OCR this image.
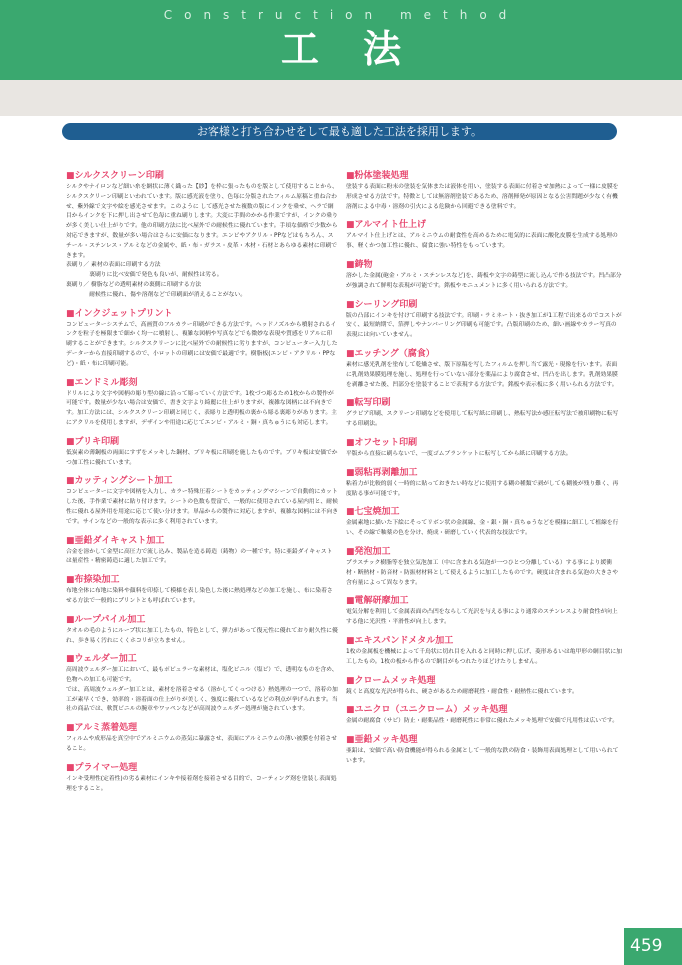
Construction method
工法
お客様と打ち合わせをして最も適した工法を採用します。
■シルクスクリーン印刷

シルクやナイロンなど細い糸を網状に薄く織った【紗】を枠に張ったものを版として使用することから、シルクスクリーン印刷といわれています。版に感光液を塗り、色毎に分版されたフィルム原稿と重ね合わせ、紫外線で文字や絵を感光させます。このように して感光させた複数の版にインクを乗せ、ヘラで網目からインクを下に押し出させて色毎に重ね刷りします。大変に手間のかかる作業ですが、インクの乗りが多く美しい仕上がりです。他の印刷方法に比べ屋外での耐候性に優れています。手頃な価格で少数から対応できますが、数量が多い場合はさらに安価になります。エンビやアクリル・PPなどはもちろん、スチール・ステンレス・アルミなどの金属や、紙・布・ガラス・皮革・木材・石材とあらゆる素材に印刷できます。
表刷り／ 素材の表面に印刷する方法
　　　　裏刷りに比べ安価で発色も良いが、耐候性は劣る。
裏刷り／ 樹脂などの透明素材の裏側に印刷する方法
　　　　耐候性に優れ、傷や溶剤などで印刷面が消えることがない。

■インクジェットプリント

コンピューターシステムで、高画質のフルカラー印刷ができる方法です。ヘッドノズルから噴射されるインクを粒子を極限まで細かく均一に噴射し、複雑な図柄や写真などでも微妙な表現や質感をリアルに印刷することができます。シルクスクリーンに比べ屋外での耐候性に劣りますが、コンピューター入力したデーターから直接印刷するので、小ロットの印刷には安価で最適です。樹脂板(エンビ・アクリル・PPなど)・紙・布に印刷可能。

■エンドミル彫刻

ドリルにより文字や図柄の彫り型の線に沿って彫っていく方法です。1枚づつ彫るため1枚からの製作が可能です。数量が少ない場合は安価で、書き文字より綺麗に仕上がりますが、複雑な図柄には不向きです。加工方法には、シルクスクリーン印刷と同じく、表彫りと透明板の裏から彫る裏彫りがあります。主にアクリルを使用しますが、デザインや用途に応じてエンビ・アルミ・銅・真ちゅうにも対応します。

■ブリキ印刷

低炭素の薄鋼板の両面にすずをメッキした鋼材、ブリキ板に印刷を施したものです。ブリキ板は安価でかつ加工性に優れています。

■カッティングシート加工

コンピューターに文字や図柄を入力し、カラー特殊圧着シートをカッティングマシーンで自動的にカットした後、手作業で素材に貼り付けます。シートの色数も豊富で、一般的に使用されている屋内用と、耐候性に優れる屋外用を用途に応じて使い分けます。単品からの製作に対応しますが、複雑な図柄には不向きです。サインなどの一般的な表示に多く利用されています。

■亜鉛ダイキャスト加工

合金を溶かして金型に高圧力で流し込み、製品を造る鋳造（鋳物）の一種です。特に亜鉛ダイキャストは量産性・精密鋳造に適した加工です。

■布捺染加工

布地全体に布地に染料や顔料を印捺して模様を表し染色した後に熱処理などの加工を施し、布に染着させる方法で一般的にプリントとも呼ばれています。

■ループパイル加工

タオルの毛のようにループ状に加工したもの、特色として、弾力があって復元性に優れており耐久性に優れ、歩き易く汚れにくくホコリが立ちません。

■ウェルダー加工

高周波ウェルダー加工において、最もポピュラーな素材は、塩化ビニル（塩ビ）で、透明なものを含め、色物への加工も可能です。
では、高周波ウェルダー加工とは、素材を溶着させる（溶かしてくっつける）熱処理の一つで、溶着の加工が素早くでき、効率的・溶着面の仕上がりが美しく、強度に優れているなどの利点が挙げられます。当社の商品では、軟質ビニルの腕章やワッペンなどが高周波ウェルダー処理が施されています。

■アルミ蒸着処理

フィルムや成形品を真空中でアルミニウムの蒸気に暴露させ、表面にアルミニウムの薄い被膜を付着させること。

■プライマー処理

インキ受理性(定着性)の劣る素材にインキや接着剤を接着させる目的で、コーティング剤を塗装し表面処理をすること。

■粉体塗装処理

塗装する表面に粉末の塗装を気体または液体を用い、塗装する表面に付着させ加熱によって一様に皮膜を形成させる方法です。特徴としては無溶剤塗装であるため、溶剤揮発が原因となる公害問題が少なく有機溶剤による中毒・溶剤の引火による危険から回避できる塗料です。

■アルマイト仕上げ

アルマイト仕上げとは、アルミニウムの耐食性を高めるために電気的に表面に酸化皮膜を生成する処理の事、軽くかつ加工性に優れ、腐食に強い特性をもっています。

■鋳物

溶かした金属(砲金・アルミ・ステンレスなど)を、鋳板や文字の鋳型に流し込んで作る技法です。凹凸部分が強調されて鮮明な表現が可能です。銘板やモニュメントに多く用いられる方法です。

■シーリング印刷

版の凸部にインキを付けて印刷する技法です。印刷・ラミネート・抜き加工が1工程で出来るのでコストが安く、最短納期で、箔押しやナンバーリング印刷も可能です。凸版印刷のため、細い画線やカラー写真の表現には向いていません。

■エッチング（腐食）

素材に感光乳剤を塗布して乾燥させ、版下原稿を写したフィルムを押し当て露光・現像を行います。表面に乳剤効果膜処理を施し、処理を行っていない部分を薬品により腐食させ、凹凸を出します。乳剤効果膜を剥離させた後、凹部分を塗装することで表現する方法です。銘板や表示板に多く用いられる方法です。

■転写印刷

グラビア印刷、スクリーン印刷などを使用して転写紙に印刷し、熱転写法か感圧転写法で被印刷物に転写する印刷法。

■オフセット印刷

平版から直接に刷らないで、一度ゴムブランケットに転写してから紙に印刷する方法。

■弱粘再剥離加工

粘着力が比較的弱く一時的に貼っておきたい時などに使用する糊の種類で剥がしても糊後が残り難く、再度貼る事が可能です。

■七宝焼加工

金属素地に描いた下絵にそってリボン状の金属線、金・銀・銅・真ちゅうなどを模様に細工して植線を行い、その線で釉薬の色を分け、焼成・研磨していく代表的な技法です。

■発泡加工

プラスチック樹脂等を独立気泡加工（中に含まれる気泡が一つひとつ分離している）する事により緩衝材・断熱材・防音材・防振材材料として使えるように加工したものです。硬度は含まれる気泡の大きさや含有量によって異なります。

■電解研摩加工

電気分解を利用して金属表面の凸凹をならして光沢を与える事により通常のステンレスより耐食性が向上する他に光沢性・平滑性が向上します。

■エキスパンドメタル加工

1枚の金属板を機械によって千鳥状に切れ目を入れると同時に押し広げ、菱形あるいは亀甲形の網目状に加工したもの。1枚の板から作るので網目がもつれたりほどけたりしません。

■クロームメッキ処理

鏡くと高度な光沢が得られ、硬さがあるため耐磨耗性・耐食性・耐熱性に優れています。

■ユニクロ（ユニクローム）メッキ処理

金属の耐腐食（サビ）防止・耐薬品性・耐磨耗性に非常に優れたメッキ処理で安価で凡用性は広いです。

■亜鉛メッキ処理

亜鉛は、安価で高い防食機能が得られる金属として一般的な鉄の防食・装飾用表面処理として用いられています。

459
